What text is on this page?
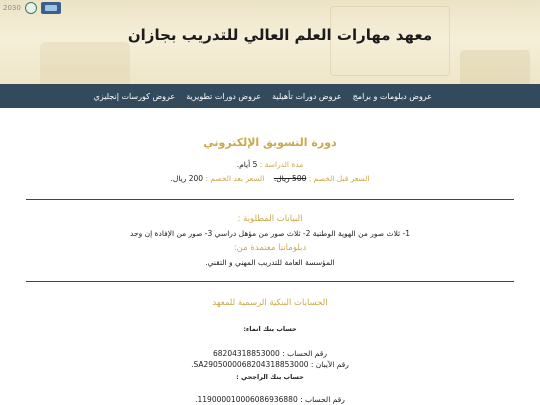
2030
معهد مهارات العلم العالي للتدريب بجازان
عروض دبلومات و برامج
عروض دورات تأهيلية
عروض دورات تطويرية
عروض كورسات إنجليزي
دورة التسويق الإلكتروني
مدة الدراسة : 5 أيام.
السعر قبل الخصم : 500 ريال.    السعر بعد الخصم : 200 ريال.
البيانات المطلوبة :
1- ثلاث صور من الهوية الوطنية 2- ثلاث صور من مؤهل دراسي 3- صور من الإفادة إن وجد
دبلوماتنا معتمدة من:
المؤسسة العامة للتدريب المهني و التقني.
الحسابات البنكية الرسمية للمعهد
حساب بنك انماء:
رقم الحساب : 68204318853000
رقم الآيبان : SA2905000068204318853000.
حساب بنك الراجحي :
رقم الحساب : 119000010006086936880.
